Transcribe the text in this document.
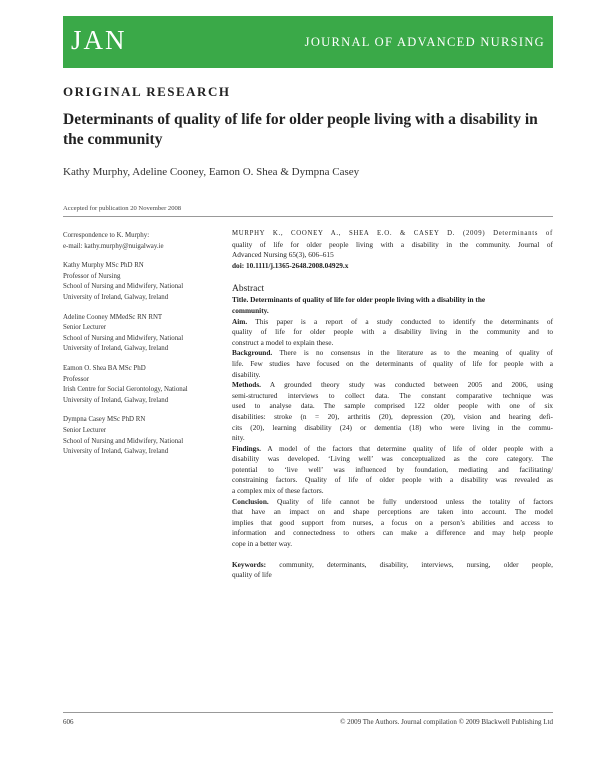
JAN	JOURNAL OF ADVANCED NURSING
ORIGINAL RESEARCH
Determinants of quality of life for older people living with a disability in
the community
Kathy Murphy, Adeline Cooney, Eamon O. Shea & Dympna Casey
Accepted for publication 20 November 2008
Correspondence to K. Murphy:
e-mail: kathy.murphy@nuigalway.ie
Kathy Murphy MSc PhD RN
Professor of Nursing
School of Nursing and Midwifery, National
University of Ireland, Galway, Ireland
Adeline Cooney MMedSc RN RNT
Senior Lecturer
School of Nursing and Midwifery, National
University of Ireland, Galway, Ireland
Eamon O. Shea BA MSc PhD
Professor
Irish Centre for Social Gerontology, National
University of Ireland, Galway, Ireland
Dympna Casey MSc PhD RN
Senior Lecturer
School of Nursing and Midwifery, National
University of Ireland, Galway, Ireland
MURPHY K., COONEY A., SHEA E.O. & CASEY D. (2009) Determinants of
quality of life for older people living with a disability in the community. Journal of
Advanced Nursing 65(3), 606–615
doi: 10.1111/j.1365-2648.2008.04929.x
Abstract
Title. Determinants of quality of life for older people living with a disability in the
community.
Aim. This paper is a report of a study conducted to identify the determinants of
quality of life for older people with a disability living in the community and to
construct a model to explain these.
Background. There is no consensus in the literature as to the meaning of quality of
life. Few studies have focused on the determinants of quality of life for people with a
disability.
Methods. A grounded theory study was conducted between 2005 and 2006, using
semi-structured interviews to collect data. The constant comparative technique was
used to analyse data. The sample comprised 122 older people with one of six
disabilities: stroke (n = 20), arthritis (20), depression (20), vision and hearing defi-
cits (20), learning disability (24) or dementia (18) who were living in the commu-
nity.
Findings. A model of the factors that determine quality of life of older people with a
disability was developed. ‘Living well’ was conceptualized as the core category. The
potential to ‘live well’ was influenced by foundation, mediating and facilitating/
constraining factors. Quality of life of older people with a disability was revealed as
a complex mix of these factors.
Conclusion. Quality of life cannot be fully understood unless the totality of factors
that have an impact on and shape perceptions are taken into account. The model
implies that good support from nurses, a focus on a person’s abilities and access to
information and connectedness to others can make a difference and may help people
cope in a better way.
Keywords: community, determinants, disability, interviews, nursing, older people,
quality of life
606	© 2009 The Authors. Journal compilation © 2009 Blackwell Publishing Ltd
